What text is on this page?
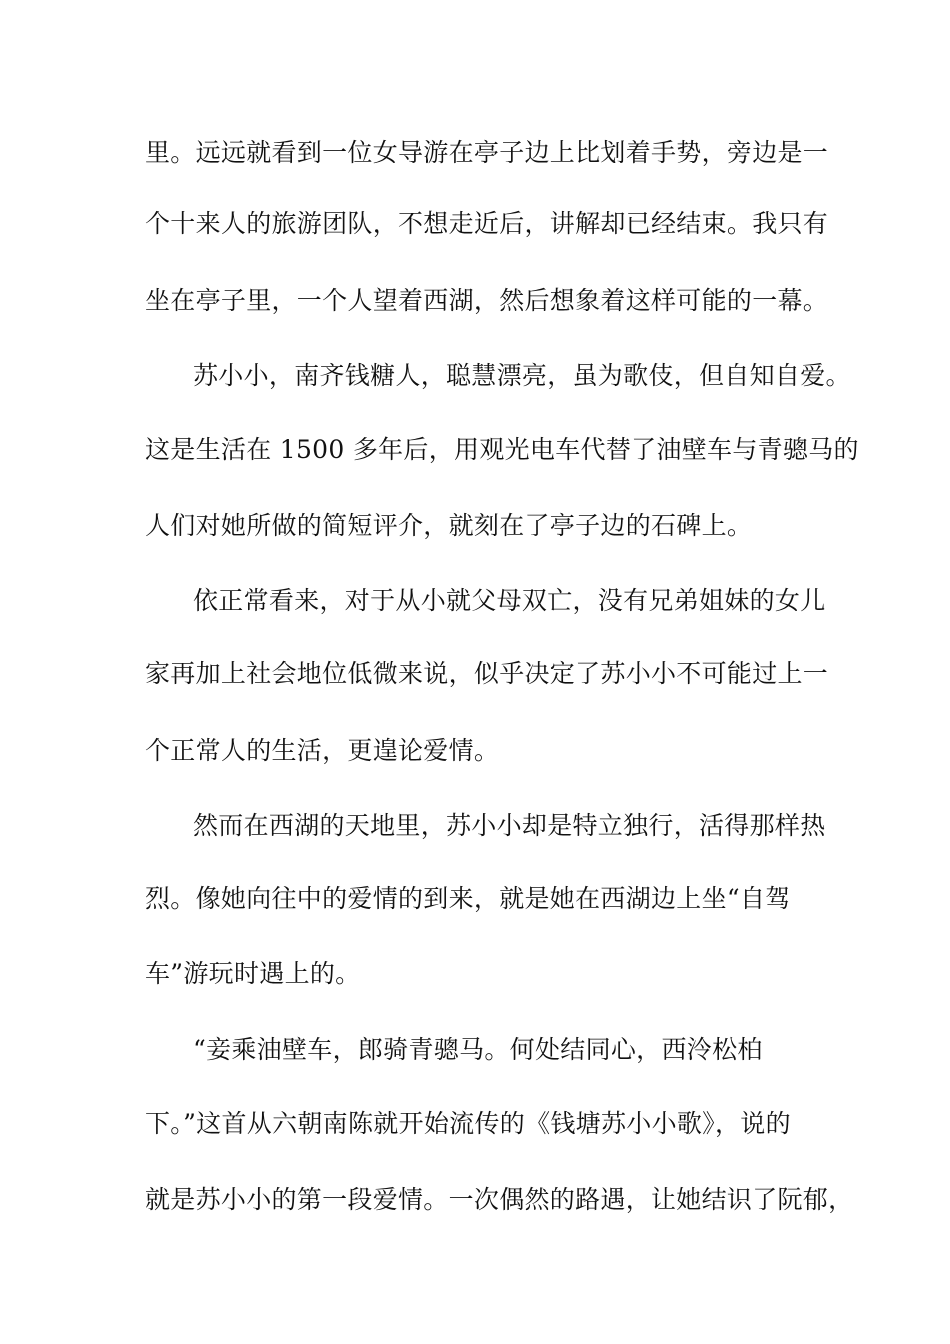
里。远远就看到一位女导游在亭子边上比划着手势，旁边是一
个十来人的旅游团队，不想走近后，讲解却已经结束。我只有
坐在亭子里，一个人望着西湖，然后想象着这样可能的一幕。
苏小小，南齐钱糖人，聪慧漂亮，虽为歌伎，但自知自爱。
这是生活在 1500 多年后，用观光电车代替了油壁车与青骢马的
人们对她所做的简短评介，就刻在了亭子边的石碑上。
依正常看来，对于从小就父母双亡，没有兄弟姐妹的女儿
家再加上社会地位低微来说，似乎决定了苏小小不可能过上一
个正常人的生活，更遑论爱情。
然而在西湖的天地里，苏小小却是特立独行，活得那样热
烈。像她向往中的爱情的到来，就是她在西湖边上坐“自驾
车”游玩时遇上的。
“妾乘油壁车，郎骑青骢马。何处结同心，西泠松柏
下。”这首从六朝南陈就开始流传的《钱塘苏小小歌》，说的
就是苏小小的第一段爱情。一次偶然的路遇，让她结识了阮郁，
